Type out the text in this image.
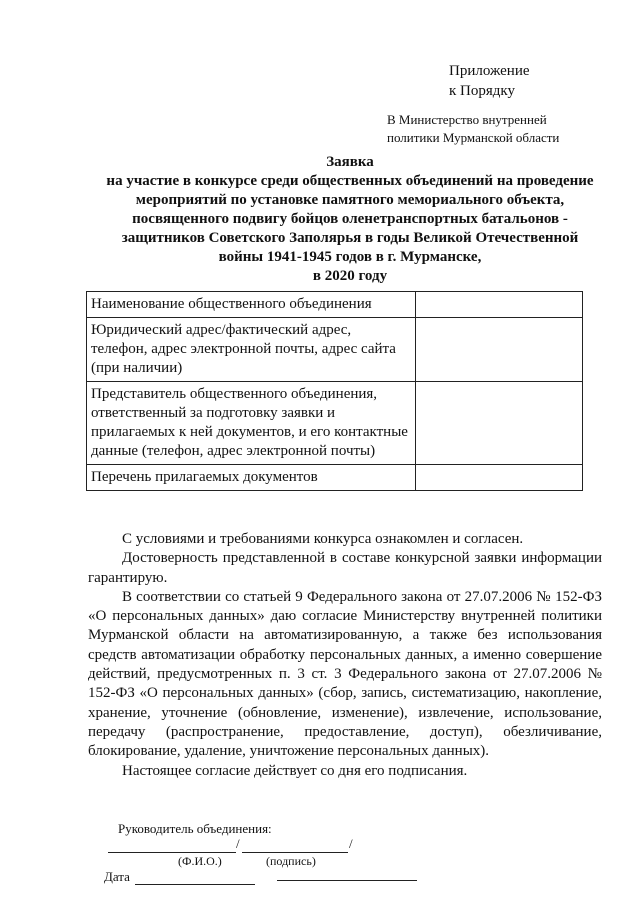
Приложение
к Порядку
В Министерство внутренней
политики Мурманской области
Заявка
на участие в конкурсе среди общественных объединений на проведение
мероприятий по установке памятного мемориального объекта,
посвященного подвигу бойцов оленетранспортных батальонов -
защитников Советского Заполярья в годы Великой Отечественной
войны 1941-1945 годов в г. Мурманске,
в 2020 году
Наименование общественного объединения	
Юридический адрес/фактический адрес, телефон, адрес электронной почты, адрес сайта (при наличии)	
Представитель общественного объединения, ответственный за подготовку заявки и прилагаемых к ней документов, и его контактные данные (телефон, адрес электронной почты)	
Перечень прилагаемых документов	

С условиями и требованиями конкурса ознакомлен и согласен.

Достоверность представленной в составе конкурсной заявки информации гарантирую.

В соответствии со статьей 9 Федерального закона от 27.07.2006 № 152-ФЗ «О персональных данных» даю согласие Министерству внутренней политики Мурманской области на автоматизированную, а также без использования средств автоматизации обработку персональных данных, а именно совершение действий, предусмотренных п. 3 ст. 3 Федерального закона от 27.07.2006 № 152-ФЗ «О персональных данных» (сбор, запись, систематизацию, накопление, хранение, уточнение (обновление, изменение), извлечение, использование, передачу (распространение, предоставление, доступ), обезличивание, блокирование, удаление, уничтожение персональных данных).

Настоящее согласие действует со дня его подписания.

Руководитель объединения:
/	/
(Ф.И.О.)	(подпись)
Дата
